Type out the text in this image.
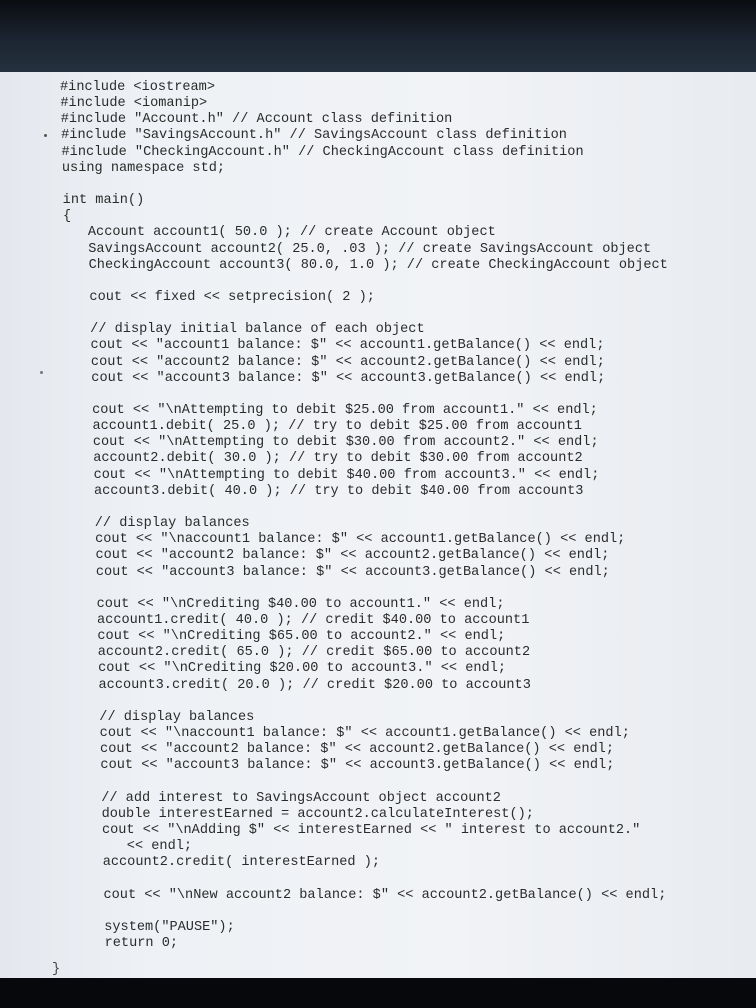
#include <iostream>
#include <iomanip>
#include "Account.h" // Account class definition
#include "SavingsAccount.h" // SavingsAccount class definition
#include "CheckingAccount.h" // CheckingAccount class definition
using namespace std;
int main()
{
Account account1( 50.0 ); // create Account object
SavingsAccount account2( 25.0, .03 ); // create SavingsAccount object
CheckingAccount account3( 80.0, 1.0 ); // create CheckingAccount object
cout << fixed << setprecision( 2 );
// display initial balance of each object
cout << "account1 balance: $" << account1.getBalance() << endl;
cout << "account2 balance: $" << account2.getBalance() << endl;
cout << "account3 balance: $" << account3.getBalance() << endl;
cout << "\nAttempting to debit $25.00 from account1." << endl;
account1.debit( 25.0 ); // try to debit $25.00 from account1
cout << "\nAttempting to debit $30.00 from account2." << endl;
account2.debit( 30.0 ); // try to debit $30.00 from account2
cout << "\nAttempting to debit $40.00 from account3." << endl;
account3.debit( 40.0 ); // try to debit $40.00 from account3
// display balances
cout << "\naccount1 balance: $" << account1.getBalance() << endl;
cout << "account2 balance: $" << account2.getBalance() << endl;
cout << "account3 balance: $" << account3.getBalance() << endl;
cout << "\nCrediting $40.00 to account1." << endl;
account1.credit( 40.0 ); // credit $40.00 to account1
cout << "\nCrediting $65.00 to account2." << endl;
account2.credit( 65.0 ); // credit $65.00 to account2
cout << "\nCrediting $20.00 to account3." << endl;
account3.credit( 20.0 ); // credit $20.00 to account3
// display balances
cout << "\naccount1 balance: $" << account1.getBalance() << endl;
cout << "account2 balance: $" << account2.getBalance() << endl;
cout << "account3 balance: $" << account3.getBalance() << endl;
// add interest to SavingsAccount object account2
double interestEarned = account2.calculateInterest();
cout << "\nAdding $" << interestEarned << " interest to account2."
<< endl;
account2.credit( interestEarned );
cout << "\nNew account2 balance: $" << account2.getBalance() << endl;
system("PAUSE");
return 0;
}
